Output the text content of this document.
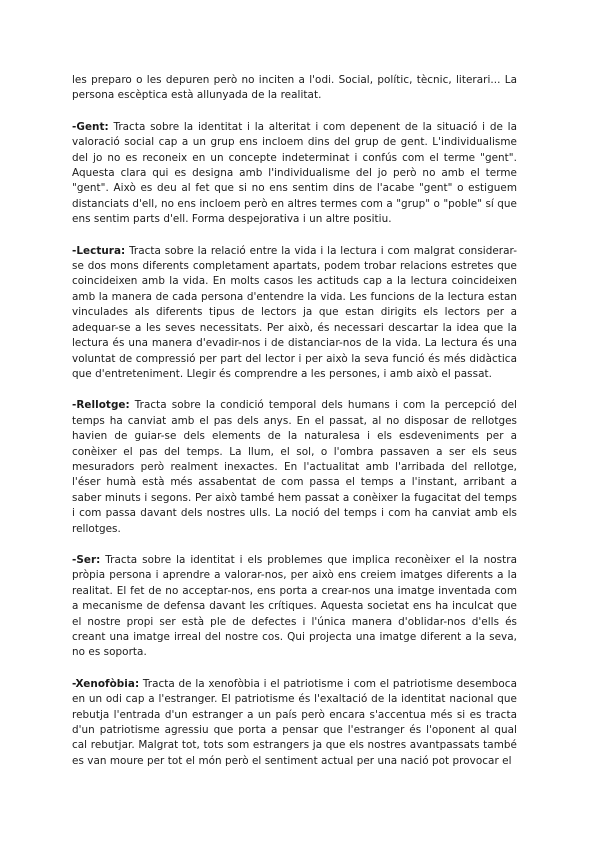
les preparo o les depuren però no inciten a l'odi. Social, polític, tècnic, literari... La persona escèptica està allunyada de la realitat.

-Gent: Tracta sobre la identitat i la alteritat i com depenent de la situació i de la valoració social cap a un grup ens incloem dins del grup de gent. L'individualisme del jo no es reconeix en un concepte indeterminat i confús com el terme "gent". Aquesta clara qui es designa amb l'individualisme del jo però no amb el terme "gent". Això es deu al fet que si no ens sentim dins de l'acabe "gent" o estiguem distanciats d'ell, no ens incloem però en altres termes com a "grup" o "poble" sí que ens sentim parts d'ell. Forma despejorativa i un altre positiu.

-Lectura: Tracta sobre la relació entre la vida i la lectura i com malgrat considerar-se dos mons diferents completament apartats, podem trobar relacions estretes que coincideixen amb la vida. En molts casos les actituds cap a la lectura coincideixen amb la manera de cada persona d'entendre la vida. Les funcions de la lectura estan vinculades als diferents tipus de lectors ja que estan dirigits els lectors per a adequar-se a les seves necessitats. Per això, és necessari descartar la idea que la lectura és una manera d'evadir-nos i de distanciar-nos de la vida. La lectura és una voluntat de compressió per part del lector i per això la seva funció és més didàctica que d'entreteniment. Llegir és comprendre a les persones, i amb això el passat.

-Rellotge: Tracta sobre la condició temporal dels humans i com la percepció del temps ha canviat amb el pas dels anys. En el passat, al no disposar de rellotges havien de guiar-se dels elements de la naturalesa i els esdeveniments per a conèixer el pas del temps. La llum, el sol, o l'ombra passaven a ser els seus mesuradors però realment inexactes. En l'actualitat amb l'arribada del rellotge, l'éser humà està més assabentat de com passa el temps a l'instant, arribant a saber minuts i segons. Per això també hem passat a conèixer la fugacitat del temps i com passa davant dels nostres ulls. La noció del temps i com ha canviat amb els rellotges.

-Ser: Tracta sobre la identitat i els problemes que implica reconèixer el la nostra pròpia persona i aprendre a valorar-nos, per això ens creiem imatges diferents a la realitat. El fet de no acceptar-nos, ens porta a crear-nos una imatge inventada com a mecanisme de defensa davant les crítiques. Aquesta societat ens ha inculcat que el nostre propi ser està ple de defectes i l'única manera d'oblidar-nos d'ells és creant una imatge irreal del nostre cos. Qui projecta una imatge diferent a la seva, no es soporta.

-Xenofòbia: Tracta de la xenofòbia i el patriotisme i com el patriotisme desemboca en un odi cap a l'estranger. El patriotisme és l'exaltació de la identitat nacional que rebutja l'entrada d'un estranger a un país però encara s'accentua més si es tracta d'un patriotisme agressiu que porta a pensar que l'estranger és l'oponent al qual cal rebutjar. Malgrat tot, tots som estrangers ja que els nostres avantpassats també es van moure per tot el món però el sentiment actual per una nació pot provocar el
